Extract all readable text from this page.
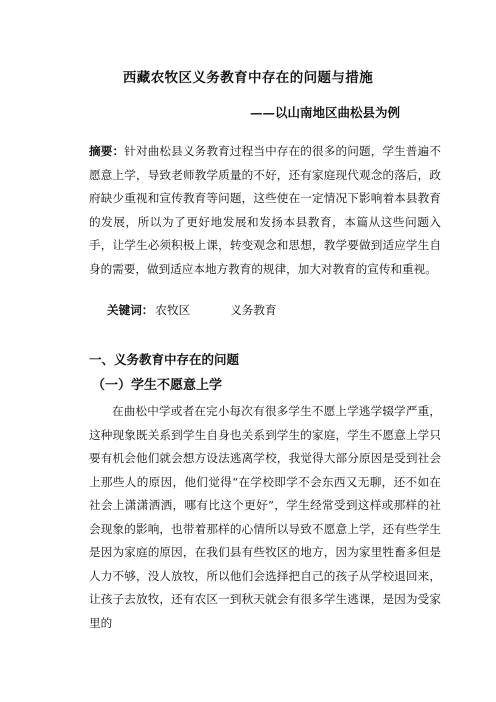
西藏农牧区义务教育中存在的问题与措施
——以山南地区曲松县为例
摘要：针对曲松县义务教育过程当中存在的很多的问题，学生普遍不愿意上学，导致老师教学质量的不好，还有家庭现代观念的落后，政府缺少重视和宣传教育等问题，这些使在一定情况下影响着本县教育的发展，所以为了更好地发展和发扬本县教育，本篇从这些问题入手，让学生必须积极上课，转变观念和思想，教学要做到适应学生自身的需要，做到适应本地方教育的规律，加大对教育的宣传和重视。
关键词： 农牧区	义务教育
一、义务教育中存在的问题
（一）学生不愿意上学
在曲松中学或者在完小每次有很多学生不愿上学逃学辍学严重，这种现象既关系到学生自身也关系到学生的家庭，学生不愿意上学只要有机会他们就会想方设法逃离学校，我觉得大部分原因是受到社会上那些人的原因，他们觉得“在学校即学不会东西又无聊，还不如在社会上潇潇洒洒，哪有比这个更好”，学生经常受到这样或那样的社会现象的影响，也带着那样的心情所以导致不愿意上学，还有些学生是因为家庭的原因，在我们县有些牧区的地方，因为家里牲畜多但是人力不够，没人放牧，所以他们会选择把自己的孩子从学校退回来，让孩子去放牧，还有农区一到秋天就会有很多学生逃课，是因为受家里的
